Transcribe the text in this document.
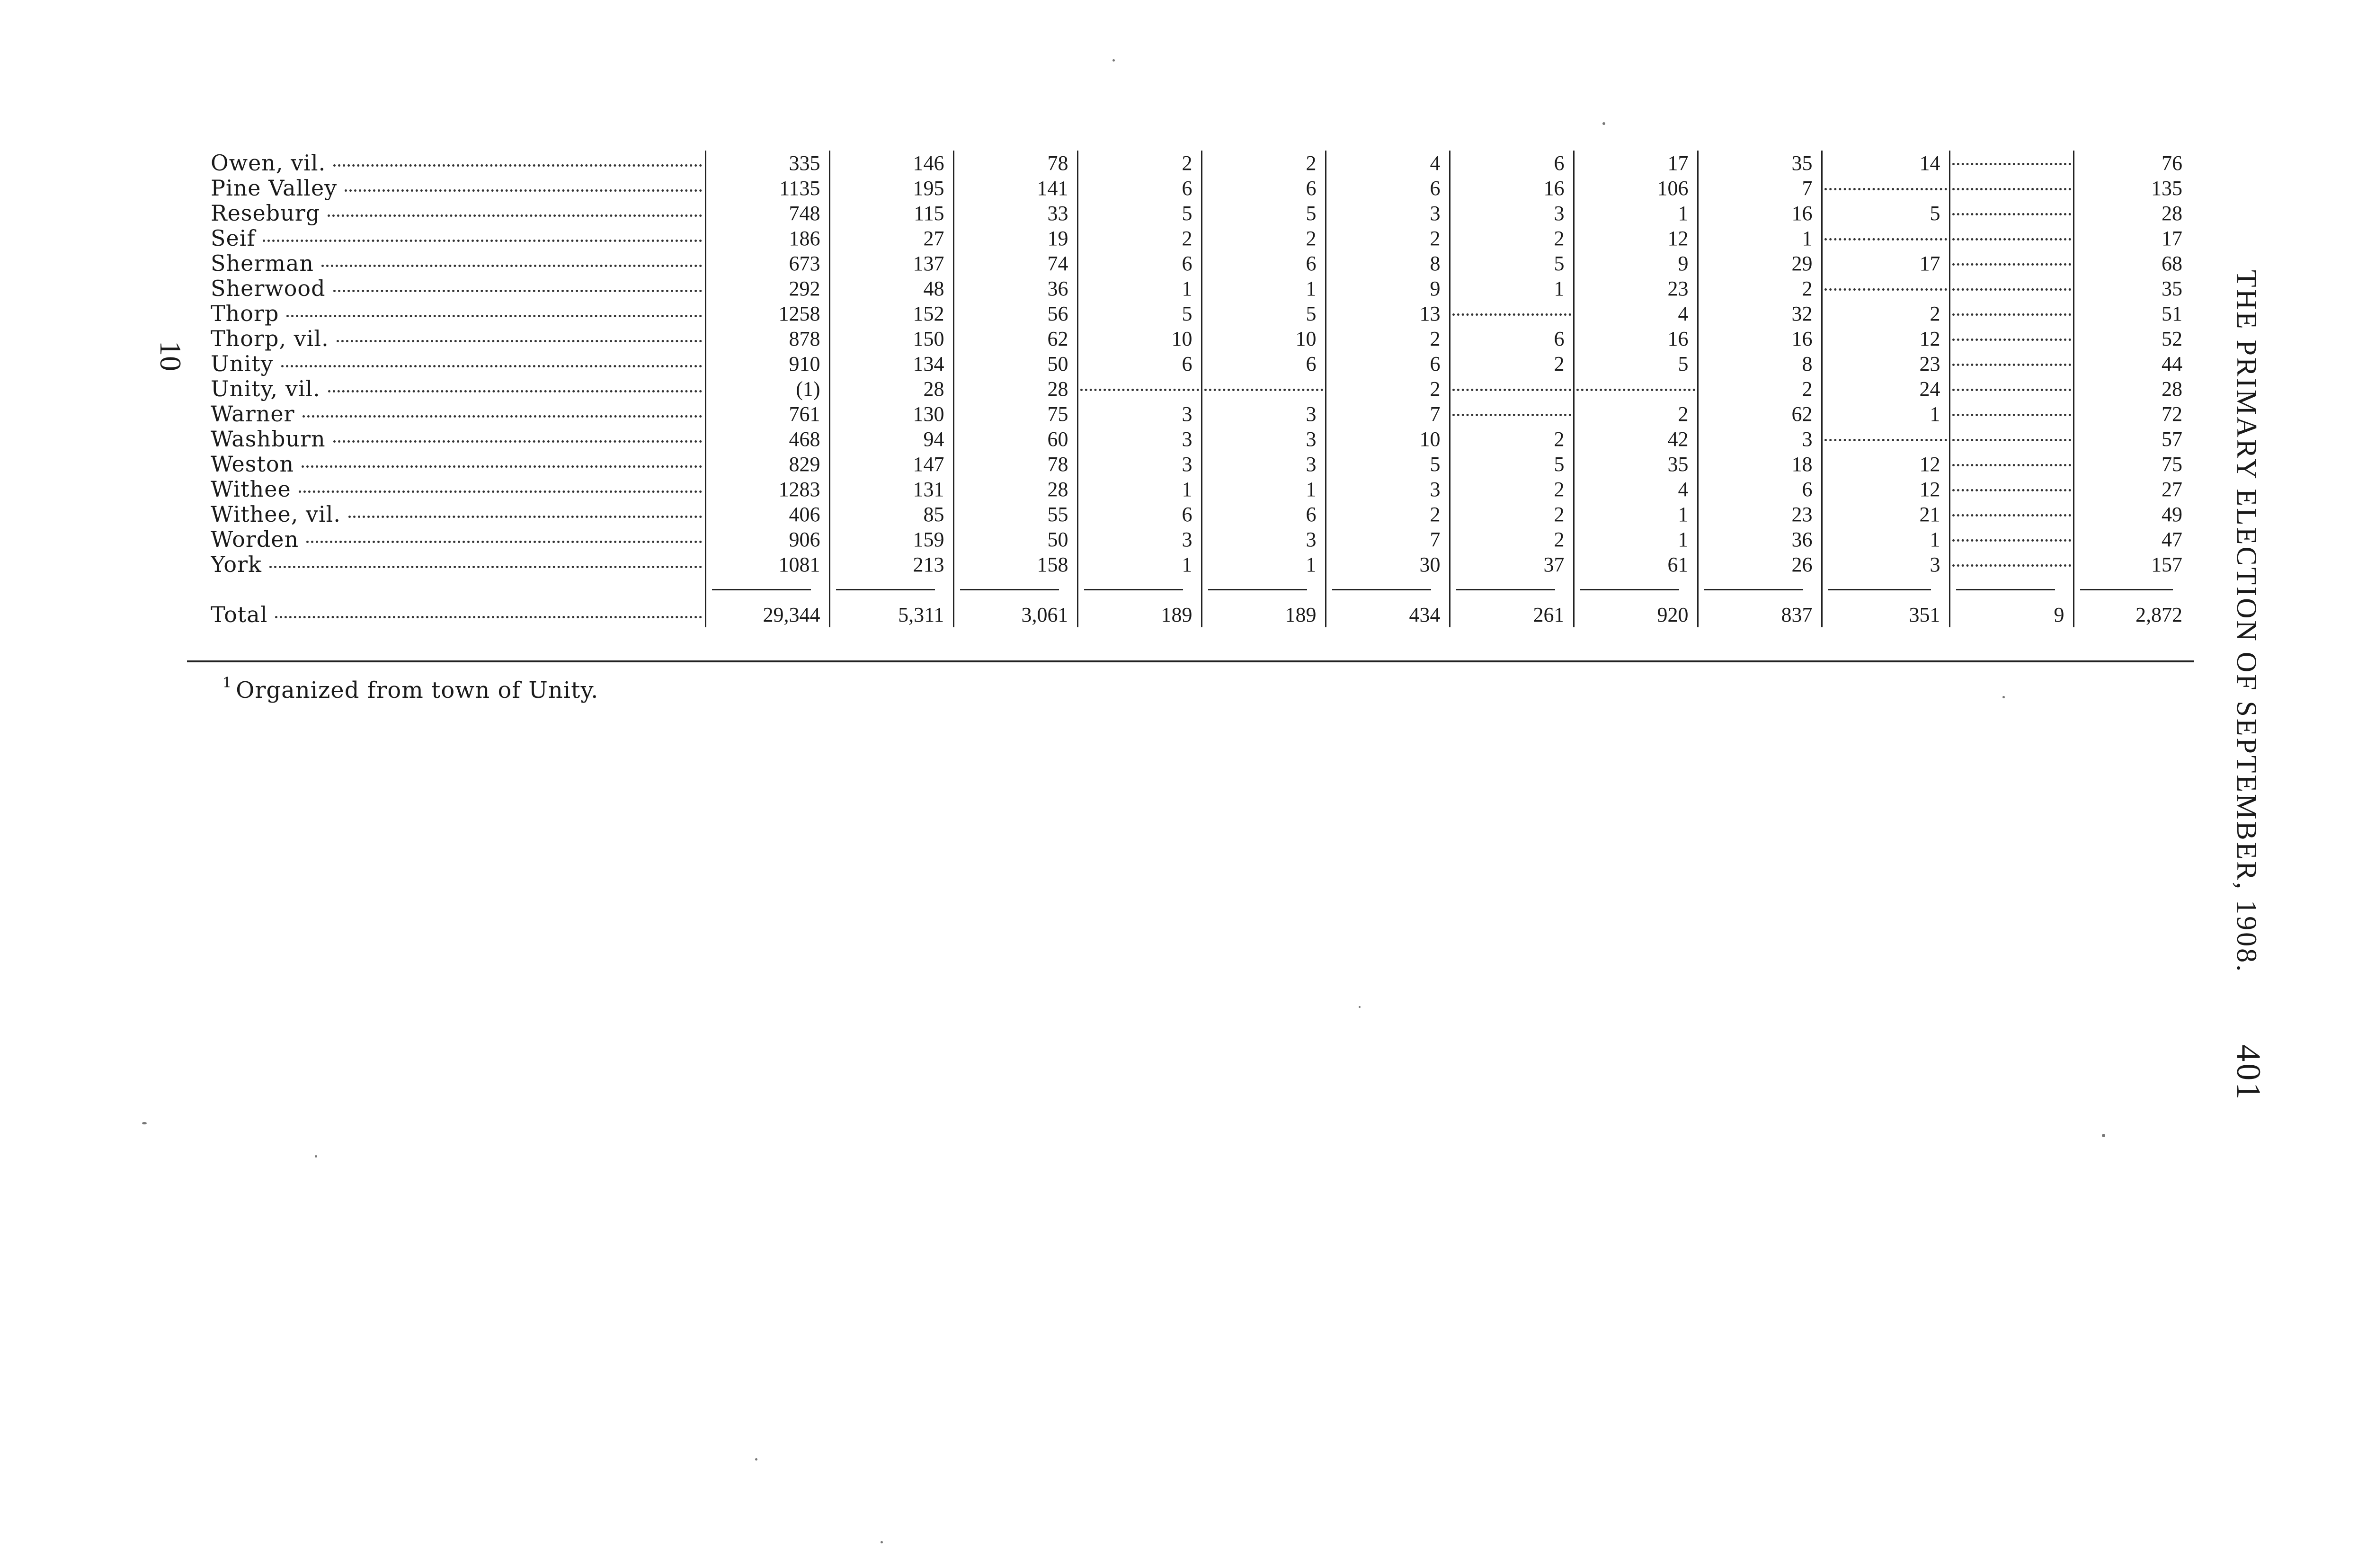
Owen, vil.	335	146	78	2	2	4	6	17	35	14		76

Pine Valley	1135	195	141	6	6	6	16	106	7			135

Reseburg	748	115	33	5	5	3	3	1	16	5		28

Seif	186	27	19	2	2	2	2	12	1			17

Sherman	673	137	74	6	6	8	5	9	29	17		68

Sherwood	292	48	36	1	1	9	1	23	2			35

Thorp	1258	152	56	5	5	13		4	32	2		51

Thorp, vil.	878	150	62	10	10	2	6	16	16	12		52

Unity	910	134	50	6	6	6	2	5	8	23		44

Unity, vil.	(1)	28	28			2			2	24		28

Warner	761	130	75	3	3	7		2	62	1		72

Washburn	468	94	60	3	3	10	2	42	3			57

Weston	829	147	78	3	3	5	5	35	18	12		75

Withee	1283	131	28	1	1	3	2	4	6	12		27

Withee, vil.	406	85	55	6	6	2	2	1	23	21		49

Worden	906	159	50	3	3	7	2	1	36	1		47

York	1081	213	158	1	1	30	37	61	26	3		157

Total	29,344	5,311	3,061	189	189	434	261	920	837	351	9	2,872
$^1$ Organized from town of Unity.
10	THE PRIMARY ELECTION OF SEPTEMBER, 1908.401
